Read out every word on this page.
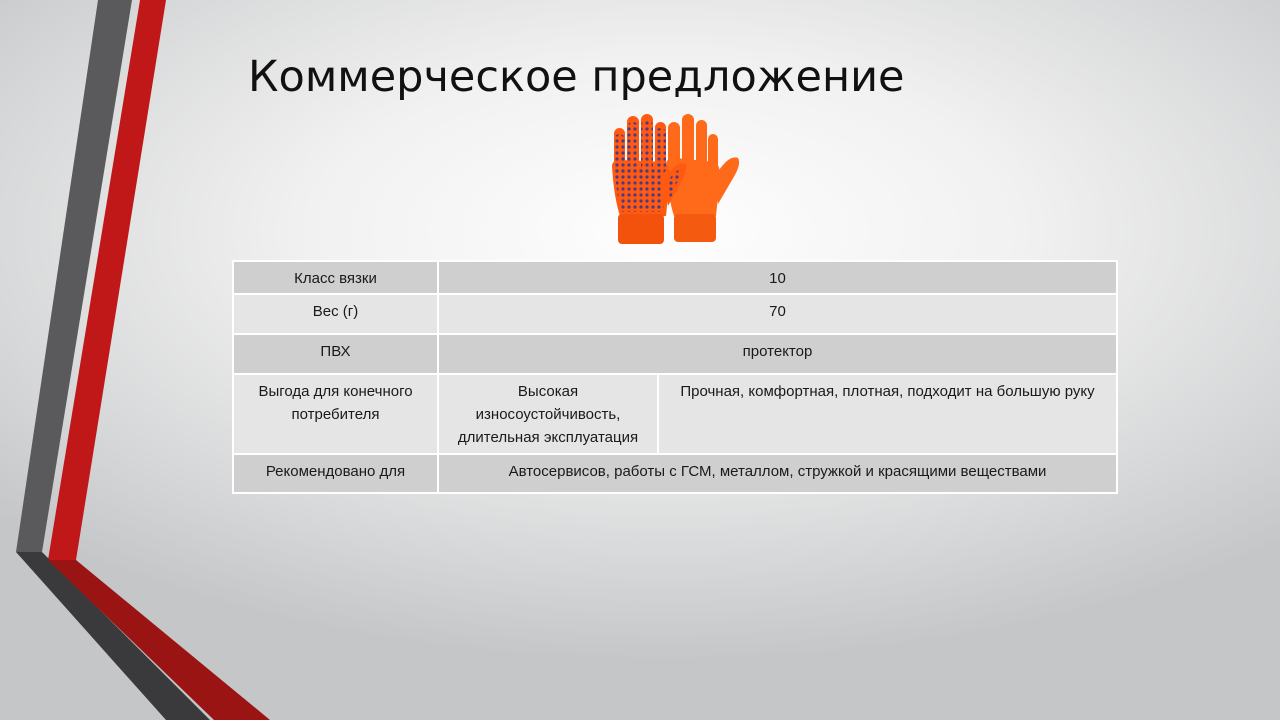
Коммерческое предложение
Класс вязки	10	
Вес (г)	70	
ПВХ	протектор	
Выгода для конечного потребителя	Высокая износоустойчивость, длительная эксплуатация	Прочная, комфортная, плотная, подходит на большую руку
Рекомендовано для	Автосервисов, работы с ГСМ, металлом, стружкой и красящими веществами	
